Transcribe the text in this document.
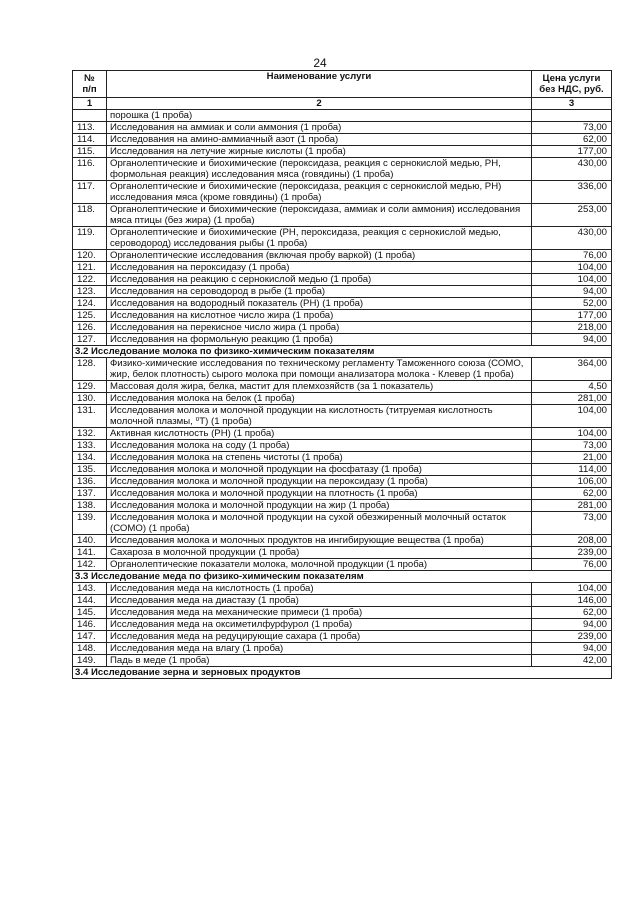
24
№
п/п	Наименование услуги	Цена услуги
без НДС, руб.
1	2	3
	порошка (1 проба)	
113.	Исследования на аммиак и соли аммония (1 проба)	73,00
114.	Исследования на амино-аммиачный азот (1 проба)	62,00
115.	Исследования на летучие жирные кислоты (1 проба)	177,00
116.	Органолептические и биохимические (пероксидаза, реакция с сернокислой медью, РН, формольная реакция) исследования мяса (говядины) (1 проба)	430,00
117.	Органолептические и биохимические (пероксидаза, реакция с сернокислой медью, РН) исследования мяса (кроме говядины) (1 проба)	336,00
118.	Органолептические и биохимические (пероксидаза, аммиак и соли аммония) исследования мяса птицы (без жира) (1 проба)	253,00
119.	Органолептические и биохимические (РН, пероксидаза, реакция с сернокислой медью, сероводород) исследования рыбы (1 проба)	430,00
120.	Органолептические исследования (включая пробу варкой) (1 проба)	76,00
121.	Исследования на пероксидазу (1 проба)	104,00
122.	Исследования на реакцию с сернокислой медью (1 проба)	104,00
123.	Исследования на сероводород в рыбе (1 проба)	94,00
124.	Исследования на водородный показатель (РН) (1 проба)	52,00
125.	Исследования на кислотное число жира (1 проба)	177,00
126.	Исследования на перекисное число жира (1 проба)	218,00
127.	Исследования на формольную реакцию (1 проба)	94,00
3.2 Исследование молока по физико-химическим показателям		
128.	Физико-химические исследования по техническому регламенту Таможенного союза (СОМО, жир, белок плотность) сырого молока при помощи анализатора молока - Клевер (1 проба)	364,00
129.	Массовая доля жира, белка, мастит для племхозяйств (за 1 показатель)	4,50
130.	Исследования молока на белок (1 проба)	281,00
131.	Исследования молока и молочной продукции на кислотность (титруемая кислотность молочной плазмы, ⁰Т) (1 проба)	104,00
132.	Активная кислотность (РН) (1 проба)	104,00
133.	Исследования молока на соду (1 проба)	73,00
134.	Исследования молока на степень чистоты (1 проба)	21,00
135.	Исследования молока и молочной продукции на фосфатазу (1 проба)	114,00
136.	Исследования молока и молочной продукции на пероксидазу (1 проба)	106,00
137.	Исследования молока и молочной продукции на плотность (1 проба)	62,00
138.	Исследования молока и молочной продукции на жир (1 проба)	281,00
139.	Исследования молока и молочной продукции на сухой обезжиренный молочный остаток (СОМО) (1 проба)	73,00
140.	Исследования молока и молочных продуктов на ингибирующие вещества (1 проба)	208,00
141.	Сахароза в молочной продукции (1 проба)	239,00
142.	Органолептические показатели молока, молочной продукции (1 проба)	76,00
3.3 Исследование меда по физико-химическим показателям		
143.	Исследования меда на кислотность (1 проба)	104,00
144.	Исследования меда на диастазу (1 проба)	146,00
145.	Исследования меда на механические примеси (1 проба)	62,00
146.	Исследования меда на оксиметилфурфурол (1 проба)	94,00
147.	Исследования меда на редуцирующие сахара (1 проба)	239,00
148.	Исследования меда на влагу (1 проба)	94,00
149.	Падь в меде (1 проба)	42,00
3.4 Исследование зерна и зерновых продуктов		
